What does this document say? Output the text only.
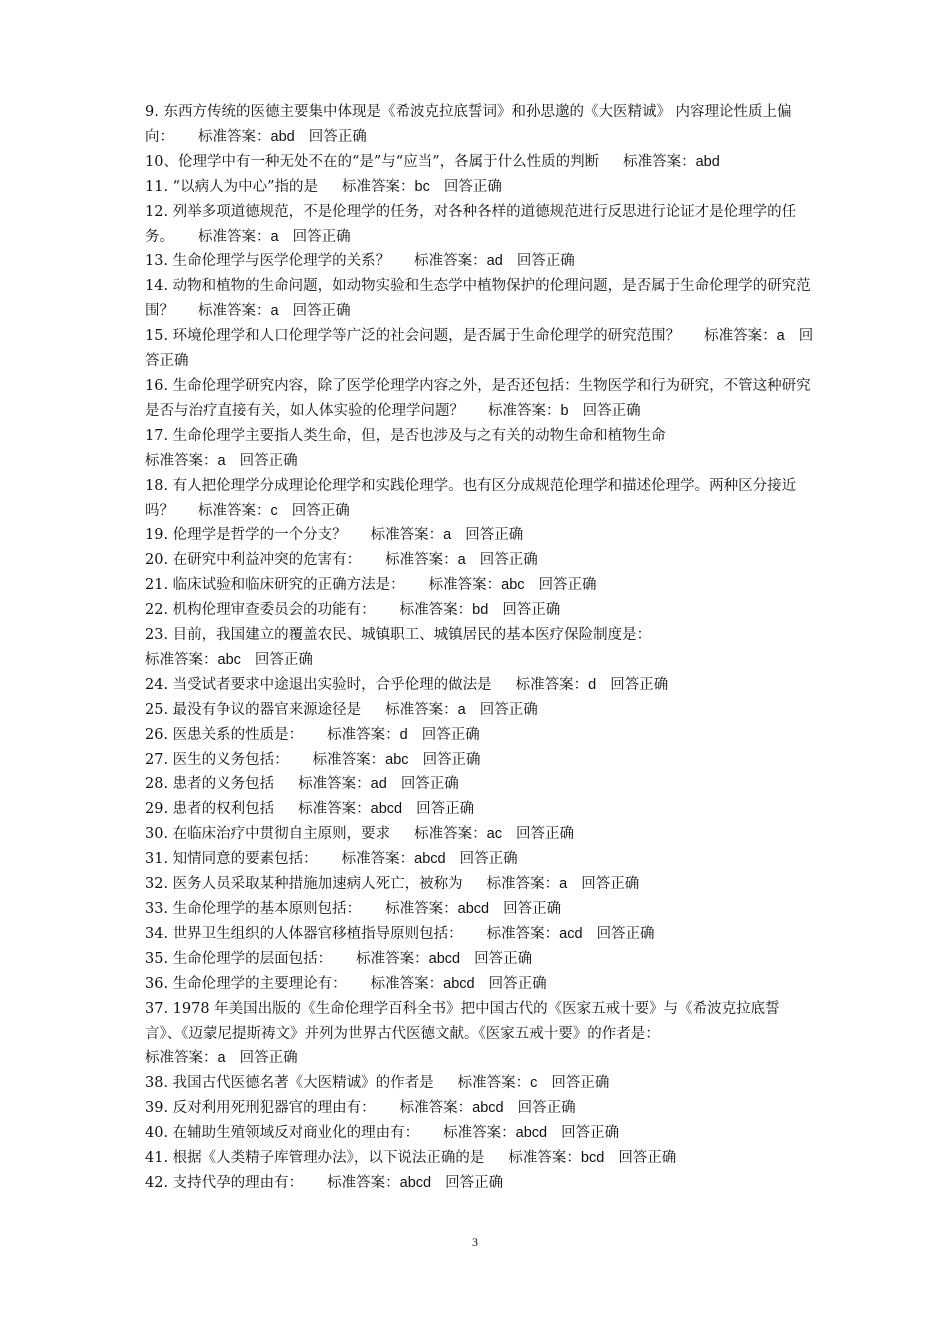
9. 东西方传统的医德主要集中体现是《希波克拉底誓词》和孙思邈的《大医精诚》 内容理论性质上偏向： 标准答案：abd 回答正确

10、伦理学中有一种无处不在的“是”与“应当”，各属于什么性质的判断 标准答案：abd

11. “以病人为中心”指的是 标准答案：bc 回答正确

12. 列举多项道德规范，不是伦理学的任务，对各种各样的道德规范进行反思进行论证才是伦理学的任务。 标准答案：a 回答正确

13. 生命伦理学与医学伦理学的关系？ 标准答案：ad 回答正确

14. 动物和植物的生命问题，如动物实验和生态学中植物保护的伦理问题，是否属于生命伦理学的研究范围？ 标准答案：a 回答正确

15. 环境伦理学和人口伦理学等广泛的社会问题，是否属于生命伦理学的研究范围？ 标准答案：a 回答正确

16. 生命伦理学研究内容，除了医学伦理学内容之外，是否还包括：生物医学和行为研究，不管这种研究是否与治疗直接有关，如人体实验的伦理学问题？ 标准答案：b 回答正确

17. 生命伦理学主要指人类生命，但，是否也涉及与之有关的动物生命和植物生命
标准答案：a 回答正确

18. 有人把伦理学分成理论伦理学和实践伦理学。也有区分成规范伦理学和描述伦理学。两种区分接近吗？ 标准答案：c 回答正确

19. 伦理学是哲学的一个分支？ 标准答案：a 回答正确

20. 在研究中利益冲突的危害有： 标准答案：a 回答正确

21. 临床试验和临床研究的正确方法是： 标准答案：abc 回答正确

22. 机构伦理审查委员会的功能有： 标准答案：bd 回答正确

23. 目前，我国建立的覆盖农民、城镇职工、城镇居民的基本医疗保险制度是：
标准答案：abc 回答正确

24. 当受试者要求中途退出实验时，合乎伦理的做法是 标准答案：d 回答正确

25. 最没有争议的器官来源途径是 标准答案：a 回答正确

26. 医患关系的性质是： 标准答案：d 回答正确

27. 医生的义务包括： 标准答案：abc 回答正确

28. 患者的义务包括 标准答案：ad 回答正确

29. 患者的权利包括 标准答案：abcd 回答正确

30. 在临床治疗中贯彻自主原则，要求 标准答案：ac 回答正确

31. 知情同意的要素包括： 标准答案：abcd 回答正确

32. 医务人员采取某种措施加速病人死亡，被称为 标准答案：a 回答正确

33. 生命伦理学的基本原则包括： 标准答案：abcd 回答正确

34. 世界卫生组织的人体器官移植指导原则包括： 标准答案：acd 回答正确

35. 生命伦理学的层面包括： 标准答案：abcd 回答正确

36. 生命伦理学的主要理论有： 标准答案：abcd 回答正确

37. 1978 年美国出版的《生命伦理学百科全书》把中国古代的《医家五戒十要》与《希波克拉底誓言》、《迈蒙尼提斯祷文》并列为世界古代医德文献。《医家五戒十要》的作者是：
标准答案：a 回答正确

38. 我国古代医德名著《大医精诚》的作者是 标准答案：c 回答正确

39. 反对利用死刑犯器官的理由有： 标准答案：abcd 回答正确

40. 在辅助生殖领域反对商业化的理由有： 标准答案：abcd 回答正确

41. 根据《人类精子库管理办法》，以下说法正确的是 标准答案：bcd 回答正确

42. 支持代孕的理由有： 标准答案：abcd 回答正确

3
